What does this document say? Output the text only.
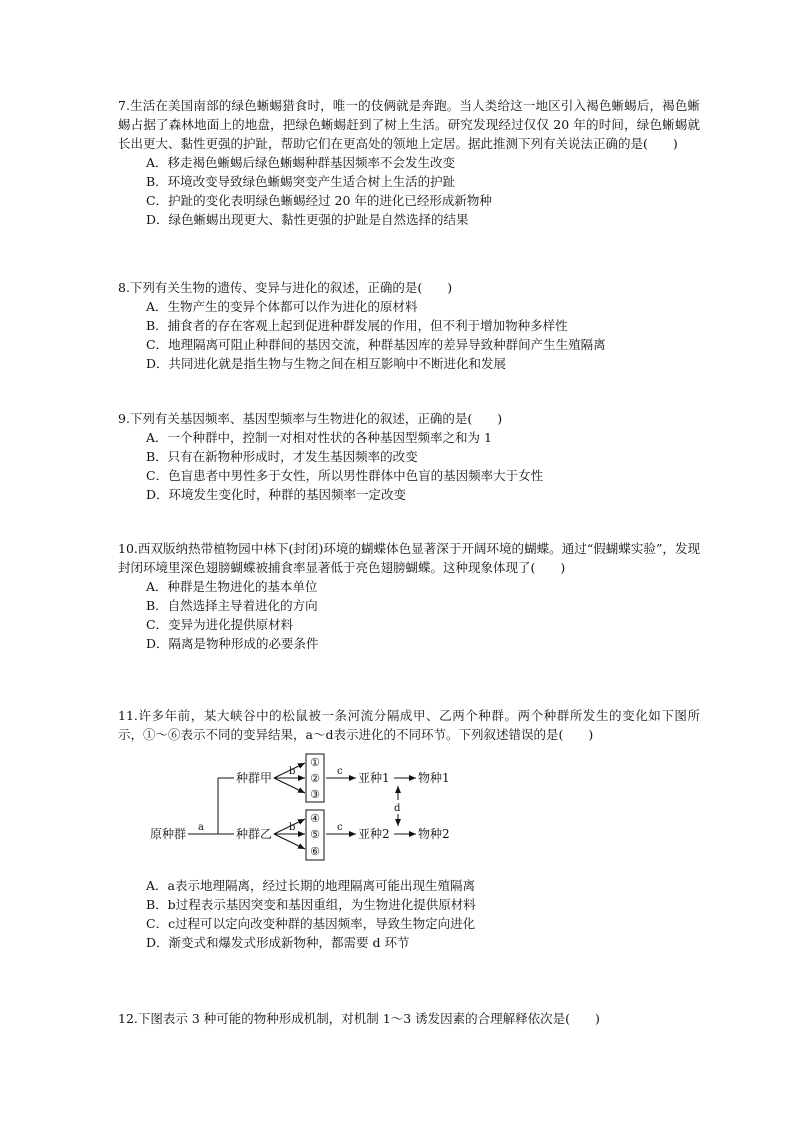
7.生活在美国南部的绿色蜥蜴猎食时，唯一的伎俩就是奔跑。当人类给这一地区引入褐色蜥蜴后，褐色蜥蜴占据了森林地面上的地盘，把绿色蜥蜴赶到了树上生活。研究发现经过仅仅 20 年的时间，绿色蜥蜴就长出更大、黏性更强的护趾，帮助它们在更高处的领地上定居。据此推测下列有关说法正确的是(　　)
A．移走褐色蜥蜴后绿色蜥蜴种群基因频率不会发生改变
B．环境改变导致绿色蜥蜴突变产生适合树上生活的护趾
C．护趾的变化表明绿色蜥蜴经过 20 年的进化已经形成新物种
D．绿色蜥蜴出现更大、黏性更强的护趾是自然选择的结果
8.下列有关生物的遗传、变异与进化的叙述，正确的是(　　)
A．生物产生的变异个体都可以作为进化的原材料
B．捕食者的存在客观上起到促进种群发展的作用，但不利于增加物种多样性
C．地理隔离可阻止种群间的基因交流，种群基因库的差异导致种群间产生生殖隔离
D．共同进化就是指生物与生物之间在相互影响中不断进化和发展
9.下列有关基因频率、基因型频率与生物进化的叙述，正确的是(　　)
A．一个种群中，控制一对相对性状的各种基因型频率之和为 1
B．只有在新物种形成时，才发生基因频率的改变
C．色盲患者中男性多于女性，所以男性群体中色盲的基因频率大于女性
D．环境发生变化时，种群的基因频率一定改变
10.西双版纳热带植物园中林下(封闭)环境的蝴蝶体色显著深于开阔环境的蝴蝶。通过“假蝴蝶实验”，发现封闭环境里深色翅膀蝴蝶被捕食率显著低于亮色翅膀蝴蝶。这种现象体现了(　　)
A．种群是生物进化的基本单位
B．自然选择主导着进化的方向
C．变异为进化提供原材料
D．隔离是物种形成的必要条件
11.许多年前，某大峡谷中的松鼠被一条河流分隔成甲、乙两个种群。两个种群所发生的变化如下图所示，①～⑥表示不同的变异结果，a～d表示进化的不同环节。下列叙述错误的是(　　)
原种群 a
种群甲
种群乙
b
①
②
③
c 亚种1 物种1
b
④
⑤
⑥
c 亚种2 物种2
d
A．a表示地理隔离，经过长期的地理隔离可能出现生殖隔离
B．b过程表示基因突变和基因重组，为生物进化提供原材料
C．c过程可以定向改变种群的基因频率，导致生物定向进化
D．渐变式和爆发式形成新物种，都需要 d 环节
12.下图表示 3 种可能的物种形成机制，对机制 1～3 诱发因素的合理解释依次是(　　)
